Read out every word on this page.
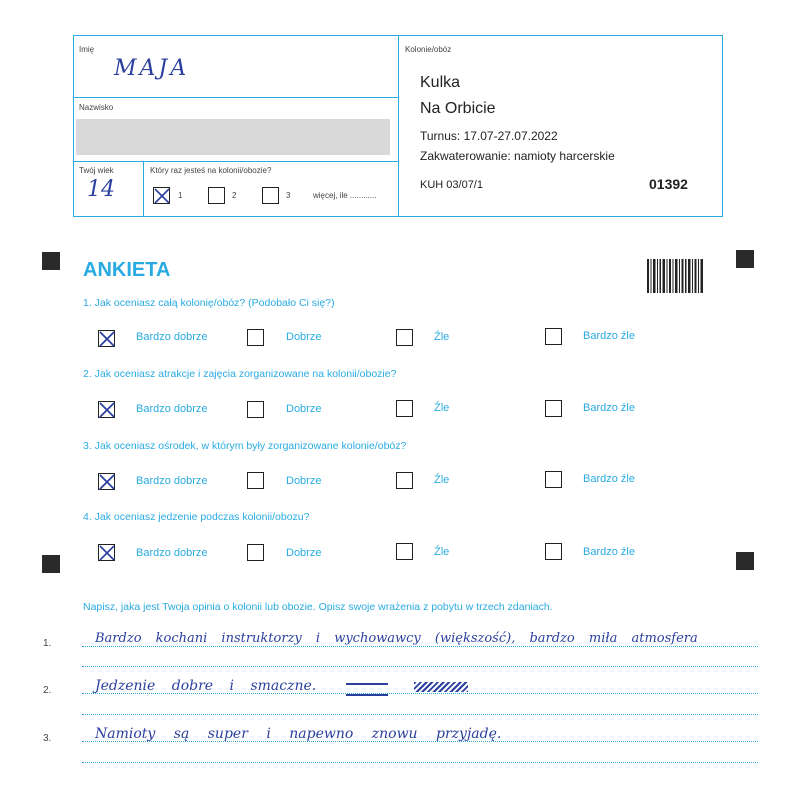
Imię
MAJA
Nazwisko
Twój wiek
14
Który raz jesteś na kolonii/obozie?
1	2	3	więcej, ile ............
Kolonie/obóz
Kulka
Na Orbicie
Turnus: 17.07-27.07.2022
Zakwaterowanie: namioty harcerskie
KUH 03/07/1	01392
ANKIETA
1. Jak oceniasz całą kolonię/obóz? (Podobało Ci się?)
Bardzo dobrze	Dobrze	Źle	Bardzo źle
2. Jak oceniasz atrakcje i zajęcia zorganizowane na kolonii/obozie?
Bardzo dobrze	Dobrze	Źle	Bardzo źle
3. Jak oceniasz ośrodek, w którym były zorganizowane kolonie/obóz?
Bardzo dobrze	Dobrze	Źle	Bardzo źle
4. Jak oceniasz jedzenie podczas kolonii/obozu?
Bardzo dobrze	Dobrze	Źle	Bardzo źle
Napisz, jaka jest Twoja opinia o kolonii lub obozie. Opisz swoje wrażenia z pobytu w trzech zdaniach.
1.	Bardzo kochani instruktorzy i wychowawcy (większość), bardzo miła atmosfera
2.	Jedzenie dobre i smaczne.
3.	Namioty są super i napewno znowu przyjadę.
